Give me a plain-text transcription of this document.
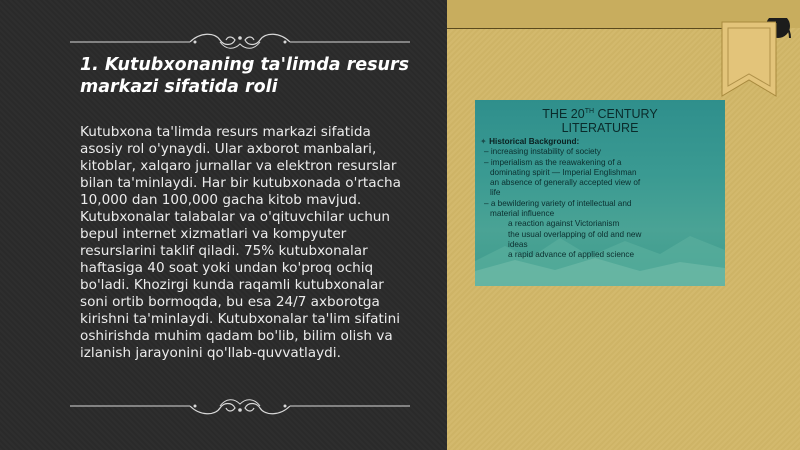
1. Kutubxonaning ta'limda resurs markazi sifatida roli
Kutubxona ta'limda resurs markazi sifatida asosiy rol o'ynaydi. Ular axborot manbalari, kitoblar, xalqaro jurnallar va elektron resurslar bilan ta'minlaydi. Har bir kutubxonada o'rtacha 10,000 dan 100,000 gacha kitob mavjud. Kutubxonalar talabalar va o'qituvchilar uchun bepul internet xizmatlari va kompyuter resurslarini taklif qiladi. 75% kutubxonalar haftasiga 40 soat yoki undan ko'proq ochiq bo'ladi. Khozirgi kunda raqamli kutubxonalar soni ortib bormoqda, bu esa 24/7 axborotga kirishni ta'minlaydi. Kutubxonalar ta'lim sifatini oshirishda muhim qadam bo'lib, bilim olish va izlanish jarayonini qo'llab-quvvatlaydi.
THE 20TH CENTURY
LITERATURE
✦ Historical Background:
– increasing instability of society
– imperialism as the reawakening of a
dominating spirit — Imperial Englishman
an absence of generally accepted view of
life
– a bewildering variety of intellectual and
material influence
a reaction against Victorianism
the usual overlapping of old and new
ideas
a rapid advance of applied science
